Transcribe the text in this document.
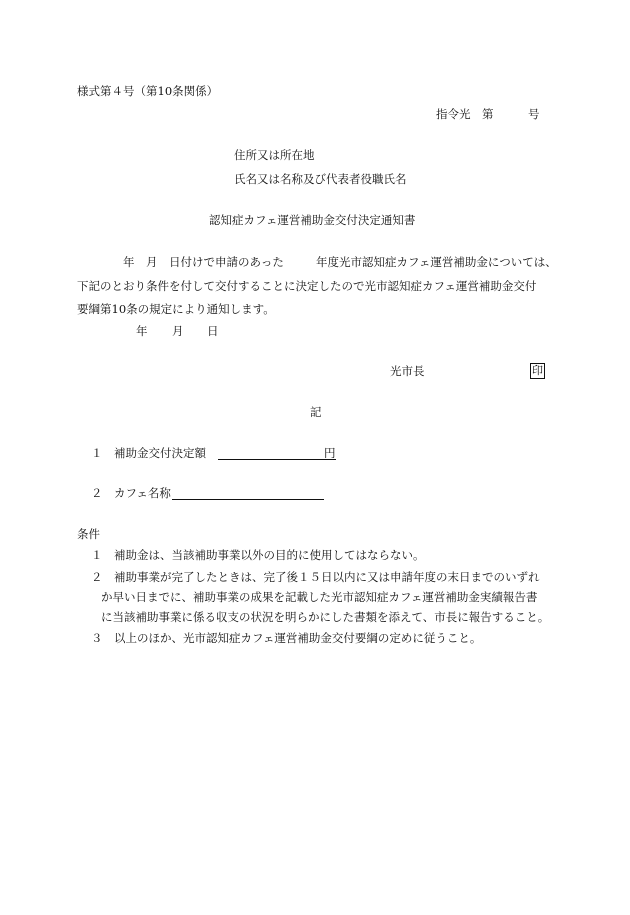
様式第４号（第10条関係）
指令光　第　　　号
住所又は所在地
氏名又は名称及び代表者役職氏名
認知症カフェ運営補助金交付決定通知書
年　月　日付けで申請のあった	年度光市認知症カフェ運営補助金については、
下記のとおり条件を付して交付することに決定したので光市認知症カフェ運営補助金交付
要綱第10条の規定により通知します。
年 月 日
光市長	印
記
１ 補助金交付決定額	円
２ カフェ名称
条件
１ 補助金は、当該補助事業以外の目的に使用してはならない。
２ 補助事業が完了したときは、完了後１５日以内に又は申請年度の末日までのいずれ
か早い日までに、補助事業の成果を記載した光市認知症カフェ運営補助金実績報告書
に当該補助事業に係る収支の状況を明らかにした書類を添えて、市長に報告すること。
３ 以上のほか、光市認知症カフェ運営補助金交付要綱の定めに従うこと。
